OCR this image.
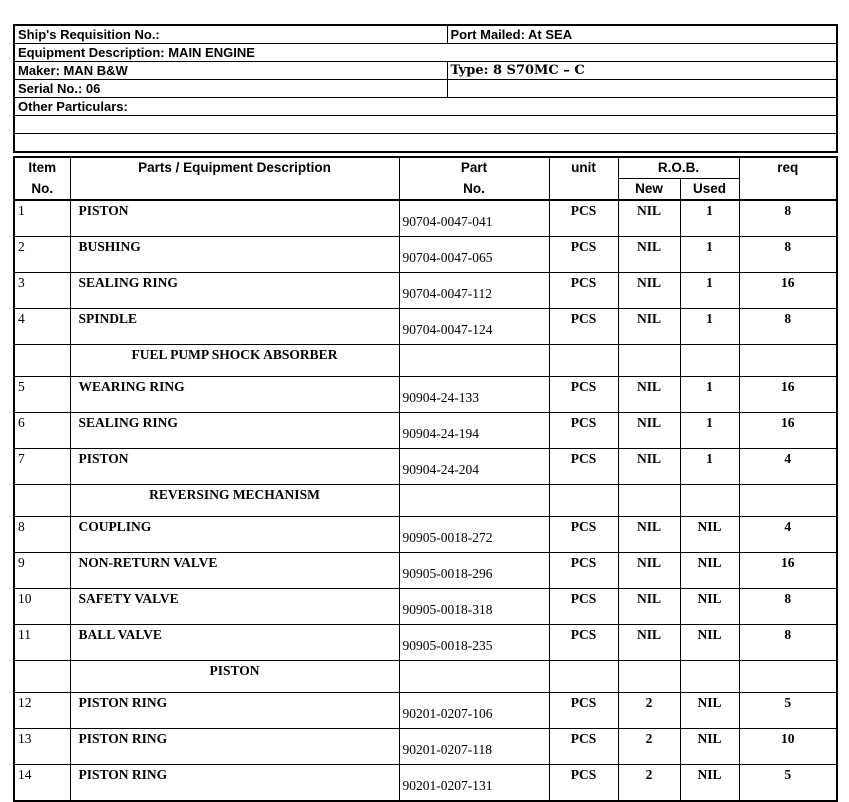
Ship's Requisition No.:	Port Mailed: At SEA
Equipment Description: MAIN ENGINE	
Maker: MAN B&W	Type: 8 S70MC – C
Serial No.: 06	
Other Particulars:	

Item	Parts / Equipment Description	Part	unit	R.O.B.		req
No.		No.		New	Used	
1	PISTON	90704-0047-041	PCS	NIL	1	8
2	BUSHING	90704-0047-065	PCS	NIL	1	8
3	SEALING RING	90704-0047-112	PCS	NIL	1	16
4	SPINDLE	90704-0047-124	PCS	NIL	1	8
	FUEL PUMP SHOCK ABSORBER					
5	WEARING RING	90904-24-133	PCS	NIL	1	16
6	SEALING RING	90904-24-194	PCS	NIL	1	16
7	PISTON	90904-24-204	PCS	NIL	1	4
	REVERSING MECHANISM					
8	COUPLING	90905-0018-272	PCS	NIL	NIL	4
9	NON-RETURN VALVE	90905-0018-296	PCS	NIL	NIL	16
10	SAFETY VALVE	90905-0018-318	PCS	NIL	NIL	8
11	BALL VALVE	90905-0018-235	PCS	NIL	NIL	8
	PISTON					
12	PISTON RING	90201-0207-106	PCS	2	NIL	5
13	PISTON RING	90201-0207-118	PCS	2	NIL	10
14	PISTON RING	90201-0207-131	PCS	2	NIL	5
